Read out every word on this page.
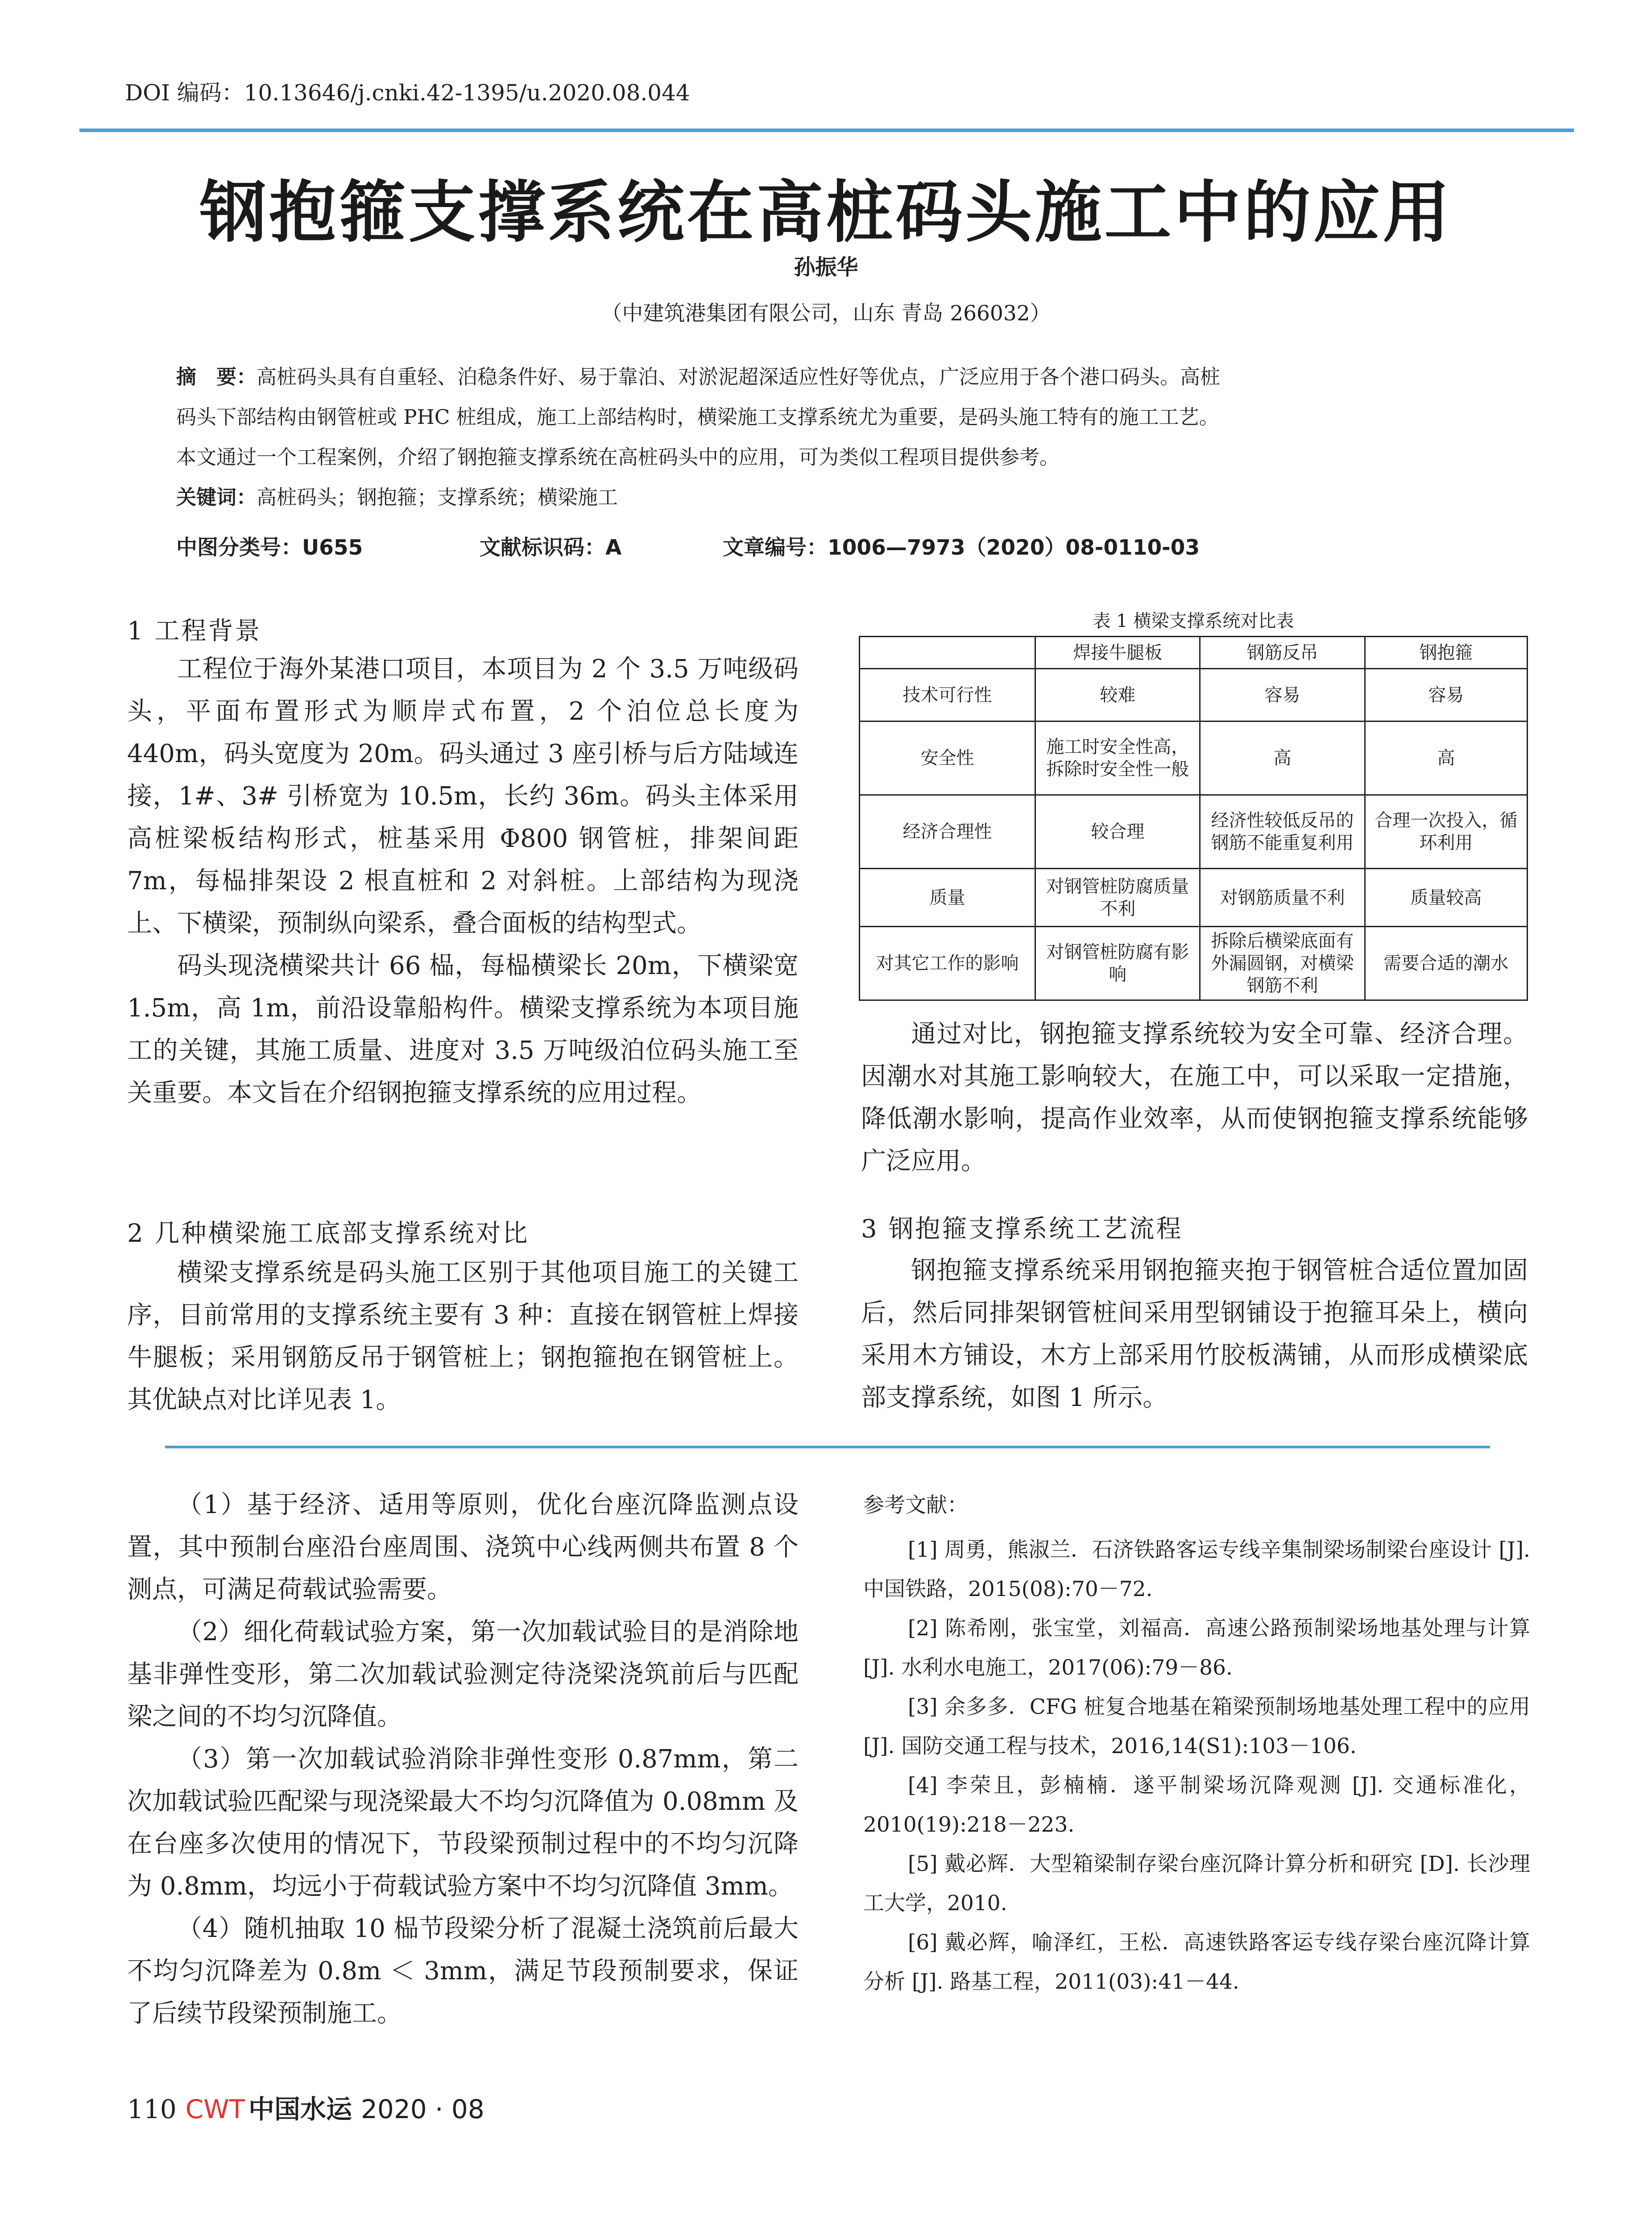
DOI 编码：10.13646/j.cnki.42-1395/u.2020.08.044
钢抱箍支撑系统在高桩码头施工中的应用
孙振华
（中建筑港集团有限公司，山东 青岛 266032）

摘　要：高桩码头具有自重轻、泊稳条件好、易于靠泊、对淤泥超深适应性好等优点，广泛应用于各个港口码头。高桩

码头下部结构由钢管桩或 PHC 桩组成，施工上部结构时，横梁施工支撑系统尤为重要，是码头施工特有的施工工艺。

本文通过一个工程案例，介绍了钢抱箍支撑系统在高桩码头中的应用，可为类似工程项目提供参考。

关键词：高桩码头；钢抱箍；支撑系统；横梁施工

中图分类号：U655	文献标识码：A	文章编号：1006—7973（2020）08-0110-03
1 工程背景

工程位于海外某港口项目，本项目为 2 个 3.5 万吨级码头，平面布置形式为顺岸式布置，2 个泊位总长度为 440m，码头宽度为 20m。码头通过 3 座引桥与后方陆域连接，1#、3# 引桥宽为 10.5m，长约 36m。码头主体采用高桩梁板结构形式，桩基采用 Φ800 钢管桩，排架间距 7m，每榀排架设 2 根直桩和 2 对斜桩。上部结构为现浇上、下横梁，预制纵向梁系，叠合面板的结构型式。

码头现浇横梁共计 66 榀，每榀横梁长 20m，下横梁宽 1.5m，高 1m，前沿设靠船构件。横梁支撑系统为本项目施工的关键，其施工质量、进度对 3.5 万吨级泊位码头施工至关重要。本文旨在介绍钢抱箍支撑系统的应用过程。

2 几种横梁施工底部支撑系统对比

横梁支撑系统是码头施工区别于其他项目施工的关键工序，目前常用的支撑系统主要有 3 种：直接在钢管桩上焊接牛腿板；采用钢筋反吊于钢管桩上；钢抱箍抱在钢管桩上。其优缺点对比详见表 1。

表 1 横梁支撑系统对比表
	焊接牛腿板	钢筋反吊	钢抱箍
技术可行性	较难	容易	容易
安全性	施工时安全性高，拆除时安全性一般	高	高
经济合理性	较合理	经济性较低反吊的钢筋不能重复利用	合理一次投入，循环利用
质量	对钢管桩防腐质量不利	对钢筋质量不利	质量较高
对其它工作的影响	对钢管桩防腐有影响	拆除后横梁底面有外漏圆钢，对横梁钢筋不利	需要合适的潮水

通过对比，钢抱箍支撑系统较为安全可靠、经济合理。因潮水对其施工影响较大，在施工中，可以采取一定措施，降低潮水影响，提高作业效率，从而使钢抱箍支撑系统能够广泛应用。

3 钢抱箍支撑系统工艺流程

钢抱箍支撑系统采用钢抱箍夹抱于钢管桩合适位置加固后，然后同排架钢管桩间采用型钢铺设于抱箍耳朵上，横向采用木方铺设，木方上部采用竹胶板满铺，从而形成横梁底部支撑系统，如图 1 所示。

（1）基于经济、适用等原则，优化台座沉降监测点设置，其中预制台座沿台座周围、浇筑中心线两侧共布置 8 个测点，可满足荷载试验需要。

（2）细化荷载试验方案，第一次加载试验目的是消除地基非弹性变形，第二次加载试验测定待浇梁浇筑前后与匹配梁之间的不均匀沉降值。

（3）第一次加载试验消除非弹性变形 0.87mm，第二次加载试验匹配梁与现浇梁最大不均匀沉降值为 0.08mm 及在台座多次使用的情况下，节段梁预制过程中的不均匀沉降为 0.8mm，均远小于荷载试验方案中不均匀沉降值 3mm。

（4）随机抽取 10 榀节段梁分析了混凝土浇筑前后最大不均匀沉降差为 0.8m ＜ 3mm，满足节段预制要求，保证了后续节段梁预制施工。

参考文献：

[1] 周勇，熊淑兰．石济铁路客运专线辛集制梁场制梁台座设计 [J]. 中国铁路，2015(08):70－72.

[2] 陈希刚，张宝堂，刘福高．高速公路预制梁场地基处理与计算 [J]. 水利水电施工，2017(06):79－86.

[3] 余多多．CFG 桩复合地基在箱梁预制场地基处理工程中的应用 [J]. 国防交通工程与技术，2016,14(S1):103－106.

[4] 李荣且，彭楠楠．遂平制梁场沉降观测 [J]. 交通标准化，2010(19):218－223.

[5] 戴必辉．大型箱梁制存梁台座沉降计算分析和研究 [D]. 长沙理工大学，2010.

[6] 戴必辉，喻泽红，王松．高速铁路客运专线存梁台座沉降计算分析 [J]. 路基工程，2011(03):41－44.

110 CWT 中国水运 2020 · 08
